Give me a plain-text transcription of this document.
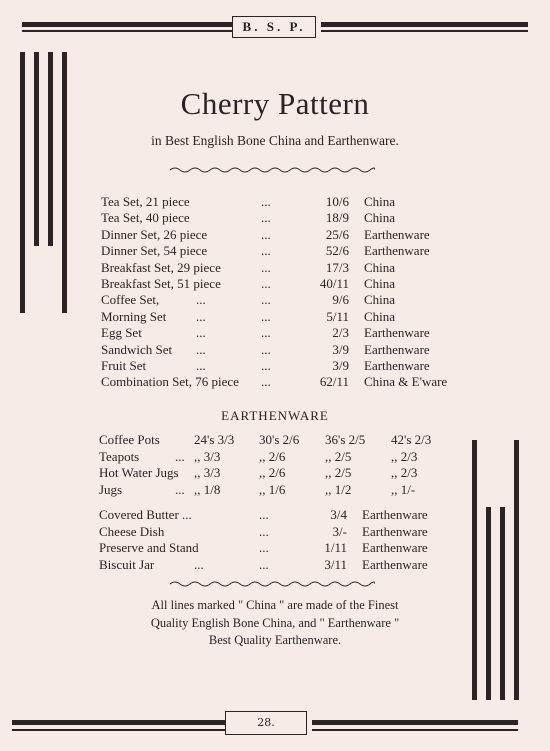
B. S. P.
Cherry Pattern
in Best English Bone China and Earthenware.
Tea Set, 21 piece	...	10/6 China
Tea Set, 40 piece	...	18/9 China
Dinner Set, 26 piece	...	25/6 Earthenware
Dinner Set, 54 piece	...	52/6 Earthenware
Breakfast Set, 29 piece	...	17/3 China
Breakfast Set, 51 piece	...	40/11 China
Coffee Set,	...	...	9/6 China
Morning Set ...	...	5/11 China
Egg Set	...	...	2/3 Earthenware
Sandwich Set ...	...	3/9 Earthenware
Fruit Set	...	...	3/9 Earthenware
Combination Set, 76 piece ...	62/11 China & E'ware
EARTHENWARE
Coffee Pots	24's 3/3 30's 2/6 36's 2/5 42's 2/3
Teapots	... ,, 3/3	,, 2/6	,, 2/5	,, 2/3
Hot Water Jugs ,, 3/3	,, 2/6	,, 2/5	,, 2/3
Jugs	... ,, 1/8	,, 1/6	,, 1/2	,, 1/-
Covered Butter ...	...	3/4 Earthenware
Cheese Dish	...	3/- Earthenware
Preserve and Stand	...	1/11 Earthenware
Biscuit Jar	...	...	3/11 Earthenware
All lines marked " China " are made of the Finest
Quality English Bone China, and " Earthenware "
Best Quality Earthenware.
28.
